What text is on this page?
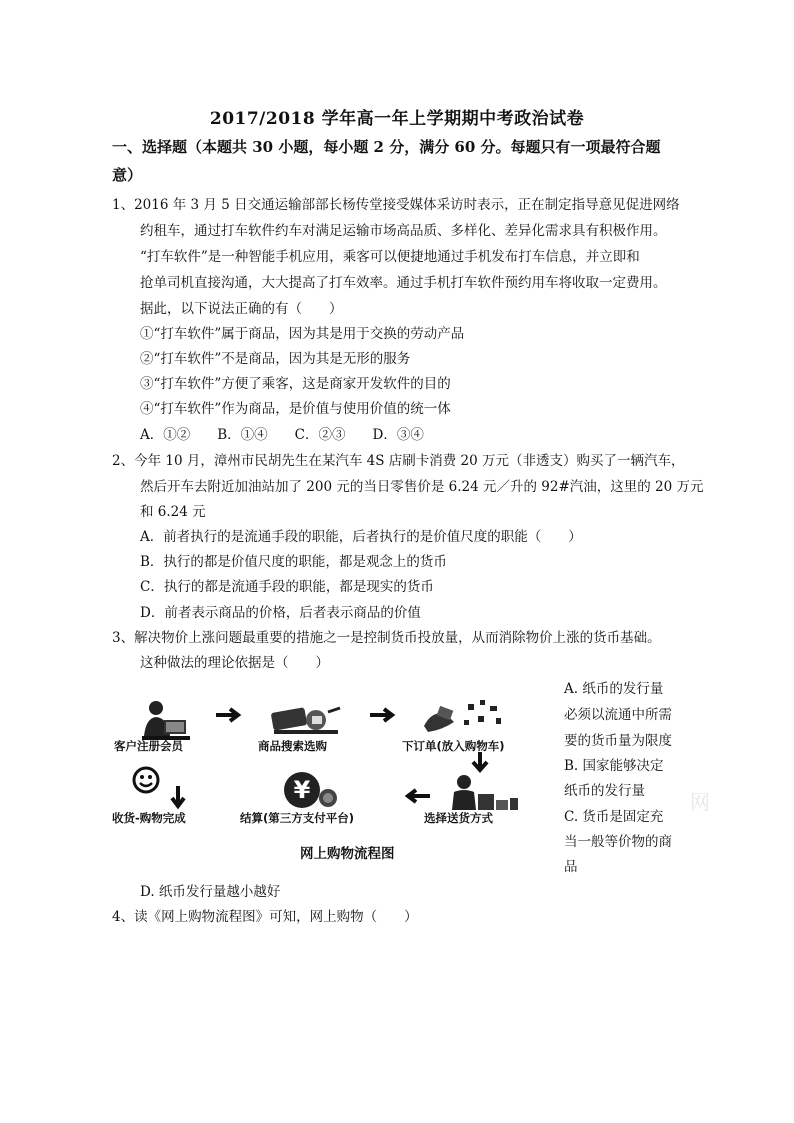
2017/2018 学年高一年上学期期中考政治试卷
一、选择题（本题共 30 小题，每小题 2 分，满分 60 分。每题只有一项最符合题
意）
1、2016 年 3 月 5 日交通运输部部长杨传堂接受媒体采访时表示，正在制定指导意见促进网络
约租车，通过打车软件约车对满足运输市场高品质、多样化、差异化需求具有积极作用。
“打车软件”是一种智能手机应用，乘客可以便捷地通过手机发布打车信息，并立即和
抢单司机直接沟通，大大提高了打车效率。通过手机打车软件预约用车将收取一定费用。
据此，以下说法正确的有（　　）
①“打车软件”属于商品，因为其是用于交换的劳动产品
②“打车软件”不是商品，因为其是无形的服务
③“打车软件”方便了乘客，这是商家开发软件的目的
④“打车软件”作为商品，是价值与使用价值的统一体
A．①②　　B．①④　　C．②③　　D．③④
2、今年 10 月，漳州市民胡先生在某汽车 4S 店刷卡消费 20 万元（非透支）购买了一辆汽车，
然后开车去附近加油站加了 200 元的当日零售价是 6.24 元／升的 92#汽油，这里的 20 万元
和 6.24 元
A．前者执行的是流通手段的职能，后者执行的是价值尺度的职能（　　）
B．执行的都是价值尺度的职能，都是观念上的货币
C．执行的都是流通手段的职能，都是现实的货币
D．前者表示商品的价格，后者表示商品的价值
3、解决物价上涨问题最重要的措施之一是控制货币投放量，从而消除物价上涨的货币基础。
这种做法的理论依据是（　　）
A. 纸币的发行量
必须以流通中所需
要的货币量为限度
B. 国家能够决定
纸币的发行量
C. 货币是固定充
当一般等价物的商
品
¥
客户注册会员	商品搜索选购	下订单(放入购物车)
收货-购物完成	结算(第三方支付平台)	选择送货方式
网上购物流程图
D. 纸币发行量越小越好
4、读《网上购物流程图》可知，网上购物（　　）
网
